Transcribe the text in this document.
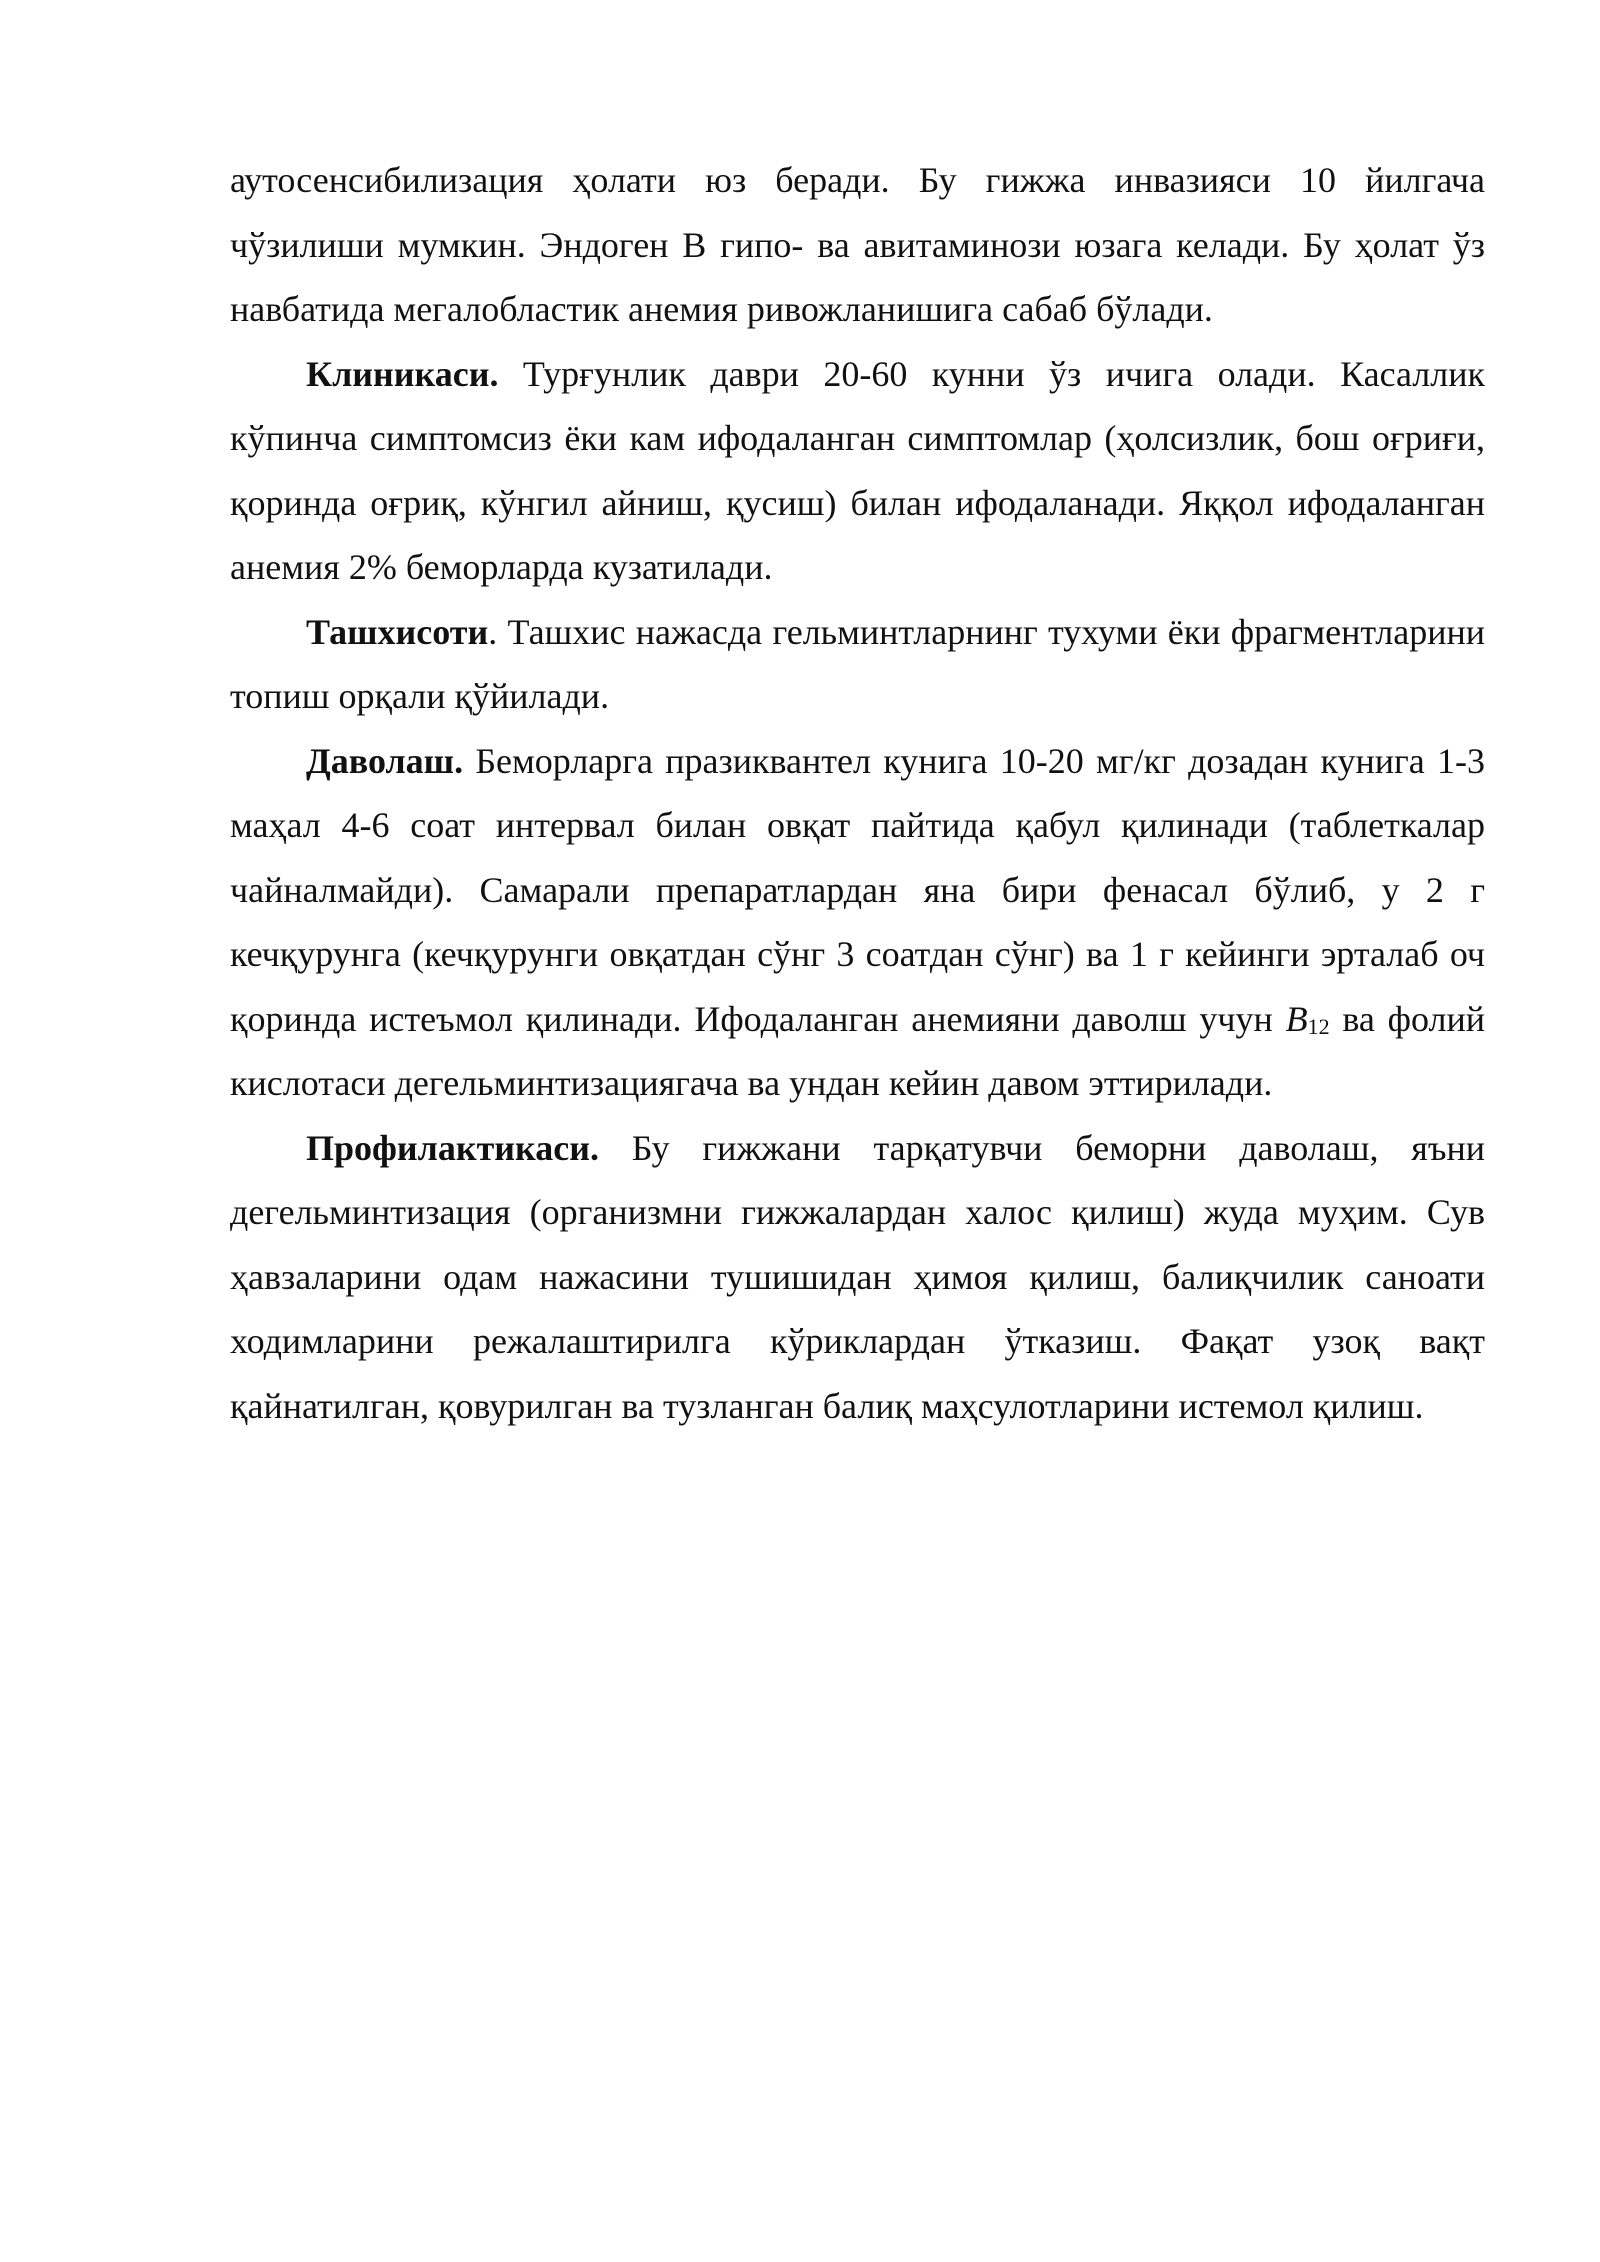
аутосенсибилизация ҳолати юз беради. Бу гижжа инвазияси 10 йилгача чўзилиши мумкин. Эндоген В гипо- ва авитаминози юзага келади. Бу ҳолат ўз навбатида мегалобластик анемия ривожланишига сабаб бўлади.

Клиникаси. Турғунлик даври 20-60 кунни ўз ичига олади. Касаллик кўпинча симптомсиз ёки кам ифодаланган симптомлар (ҳолсизлик, бош оғриғи, қоринда оғриқ, кўнгил айниш, қусиш) билан ифодаланади. Яққол ифодаланган анемия 2% беморларда кузатилади.

Ташхисоти. Ташхис нажасда гельминтларнинг тухуми ёки фрагментларини топиш орқали қўйилади.

Даволаш. Беморларга празиквантел кунига 10-20 мг/кг дозадан кунига 1-3 маҳал 4-6 соат интервал билан овқат пайтида қабул қилинади (таблеткалар чайналмайди). Самарали препаратлардан яна бири фенасал бўлиб, у 2 г кечқурунга (кечқурунги овқатдан сўнг 3 соатдан сўнг) ва 1 г кейинги эрталаб оч қоринда истеъмол қилинади. Ифодаланган анемияни даволш учун B12 ва фолий кислотаси дегельминтизациягача ва ундан кейин давом эттирилади.

Профилактикаси. Бу гижжани тарқатувчи беморни даволаш, яъни дегельминтизация (организмни гижжалардан халос қилиш) жуда муҳим. Сув ҳавзаларини одам нажасини тушишидан ҳимоя қилиш, балиқчилик саноати ходимларини режалаштирилга кўриклардан ўтказиш. Фақат узоқ вақт қайнатилган, қовурилган ва тузланган балиқ маҳсулотларини истемол қилиш.
